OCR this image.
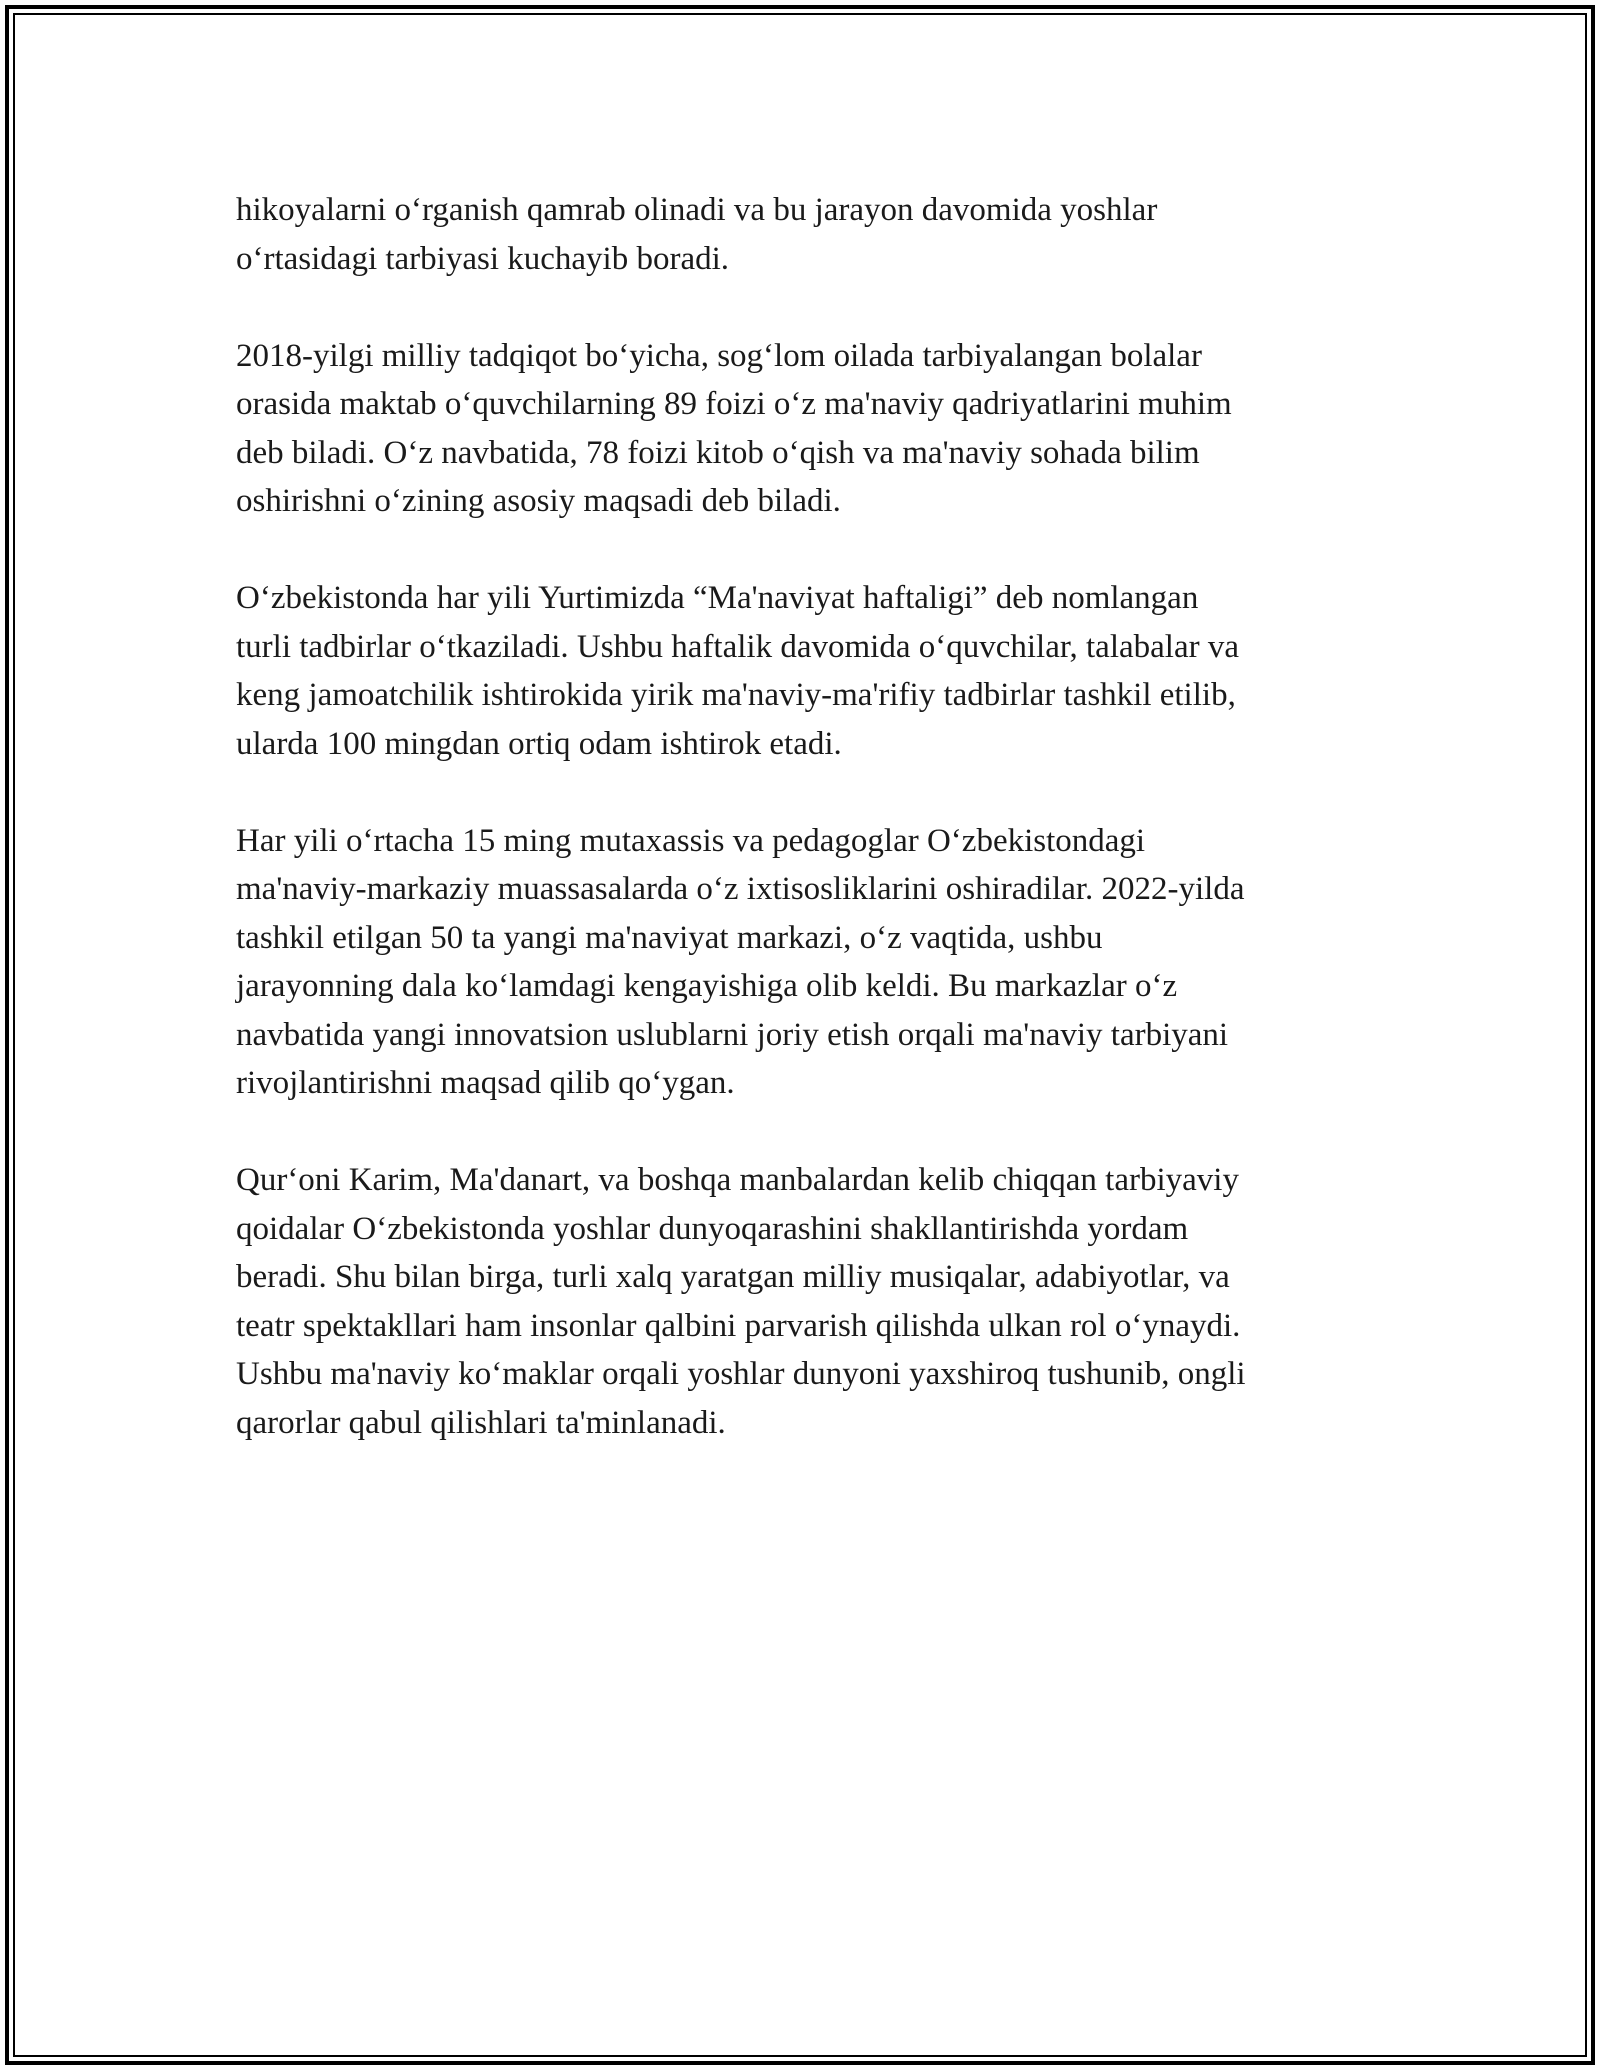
hikoyalarni o‘rganish qamrab olinadi va bu jarayon davomida yoshlar
o‘rtasidagi tarbiyasi kuchayib boradi.

2018-yilgi milliy tadqiqot bo‘yicha, sog‘lom oilada tarbiyalangan bolalar
orasida maktab o‘quvchilarning 89 foizi o‘z ma'naviy qadriyatlarini muhim
deb biladi. O‘z navbatida, 78 foizi kitob o‘qish va ma'naviy sohada bilim
oshirishni o‘zining asosiy maqsadi deb biladi.

O‘zbekistonda har yili Yurtimizda “Ma'naviyat haftaligi” deb nomlangan
turli tadbirlar o‘tkaziladi. Ushbu haftalik davomida o‘quvchilar, talabalar va
keng jamoatchilik ishtirokida yirik ma'naviy-ma'rifiy tadbirlar tashkil etilib,
ularda 100 mingdan ortiq odam ishtirok etadi.

Har yili o‘rtacha 15 ming mutaxassis va pedagoglar O‘zbekistondagi
ma'naviy-markaziy muassasalarda o‘z ixtisosliklarini oshiradilar. 2022-yilda
tashkil etilgan 50 ta yangi ma'naviyat markazi, o‘z vaqtida, ushbu
jarayonning dala ko‘lamdagi kengayishiga olib keldi. Bu markazlar o‘z
navbatida yangi innovatsion uslublarni joriy etish orqali ma'naviy tarbiyani
rivojlantirishni maqsad qilib qo‘ygan.

Qur‘oni Karim, Ma'danart, va boshqa manbalardan kelib chiqqan tarbiyaviy
qoidalar O‘zbekistonda yoshlar dunyoqarashini shakllantirishda yordam
beradi. Shu bilan birga, turli xalq yaratgan milliy musiqalar, adabiyotlar, va
teatr spektakllari ham insonlar qalbini parvarish qilishda ulkan rol o‘ynaydi.
Ushbu ma'naviy ko‘maklar orqali yoshlar dunyoni yaxshiroq tushunib, ongli
qarorlar qabul qilishlari ta'minlanadi.
